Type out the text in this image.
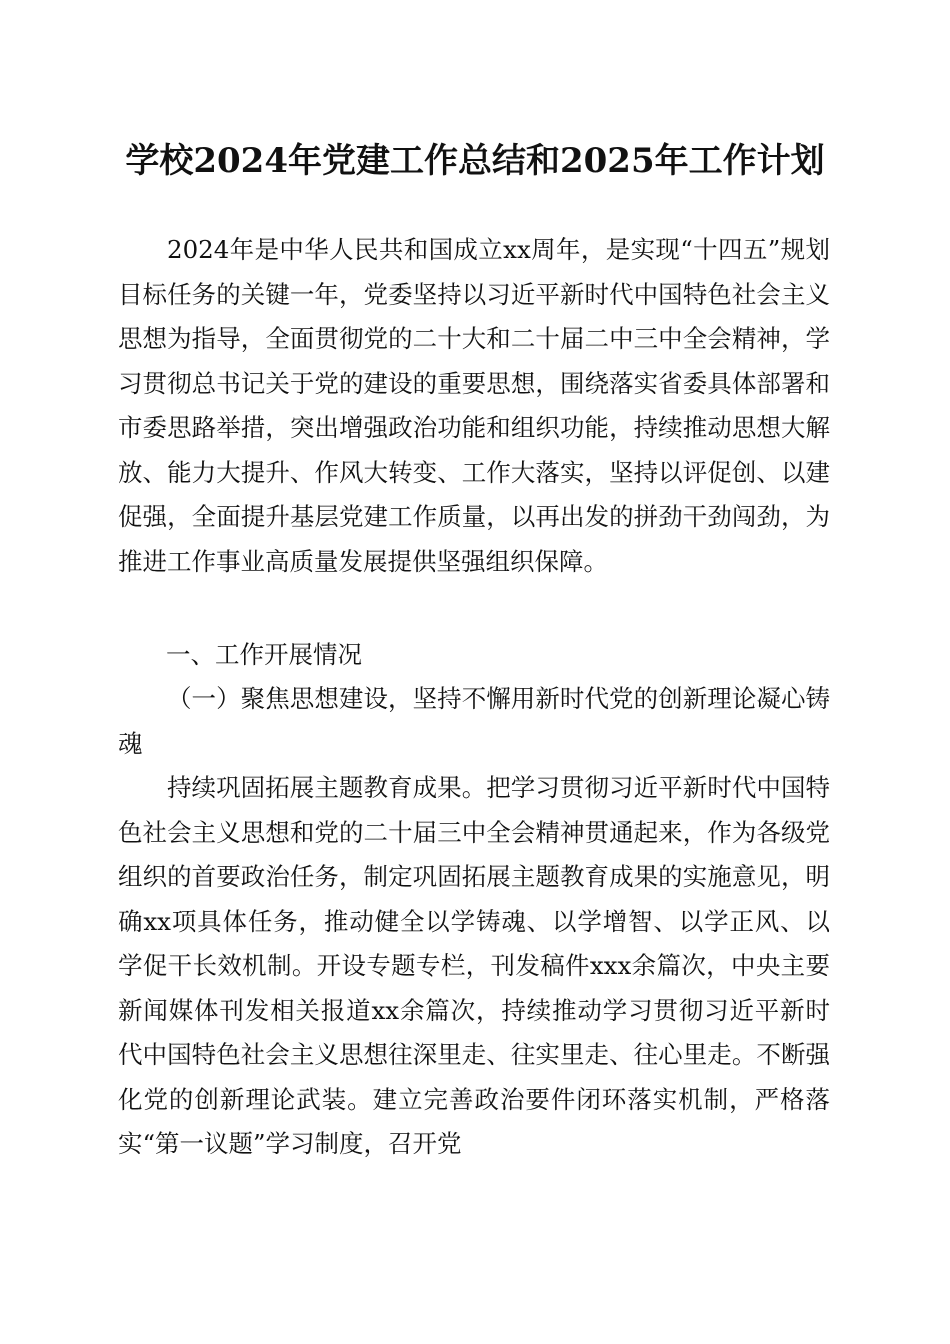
学校2024年党建工作总结和2025年工作计划

2024年是中华人民共和国成立xx周年，是实现“十四五”规划目标任务的关键一年，党委坚持以习近平新时代中国特色社会主义思想为指导，全面贯彻党的二十大和二十届二中三中全会精神，学习贯彻总书记关于党的建设的重要思想，围绕落实省委具体部署和市委思路举措，突出增强政治功能和组织功能，持续推动思想大解放、能力大提升、作风大转变、工作大落实，坚持以评促创、以建促强，全面提升基层党建工作质量，以再出发的拼劲干劲闯劲，为推进工作事业高质量发展提供坚强组织保障。

一、工作开展情况

（一）聚焦思想建设，坚持不懈用新时代党的创新理论凝心铸魂

持续巩固拓展主题教育成果。把学习贯彻习近平新时代中国特色社会主义思想和党的二十届三中全会精神贯通起来，作为各级党组织的首要政治任务，制定巩固拓展主题教育成果的实施意见，明确xx项具体任务，推动健全以学铸魂、以学增智、以学正风、以学促干长效机制。开设专题专栏，刊发稿件xxx余篇次，中央主要新闻媒体刊发相关报道xx余篇次，持续推动学习贯彻习近平新时代中国特色社会主义思想往深里走、往实里走、往心里走。不断强化党的创新理论武装。建立完善政治要件闭环落实机制，严格落实“第一议题”学习制度，召开党
